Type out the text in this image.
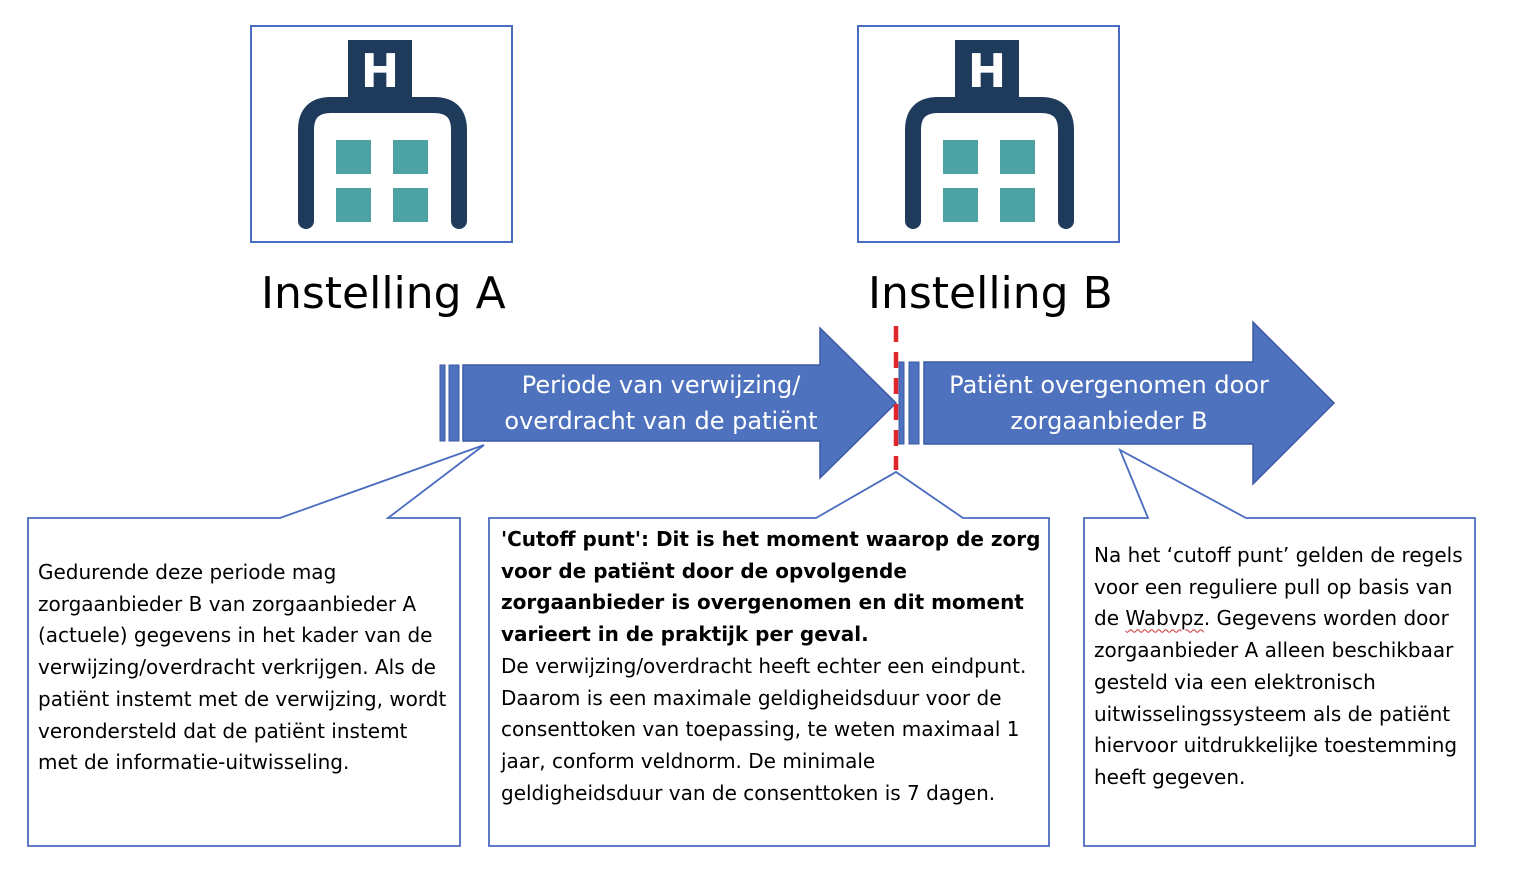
H	H
Instelling A	Instelling B
Periode van verwijzing/
overdracht van de patiënt
Patiënt overgenomen door
zorgaanbieder B
Gedurende deze periode mag zorgaanbieder B van zorgaanbieder A (actuele) gegevens in het kader van de verwijzing/overdracht verkrijgen. Als de patiënt instemt met de verwijzing, wordt verondersteld dat de patiënt instemt met de informatie-uitwisseling.
'Cutoff punt': Dit is het moment waarop de zorg voor de patiënt door de opvolgende zorgaanbieder is overgenomen en dit moment varieert in de praktijk per geval.
De verwijzing/overdracht heeft echter een eindpunt. Daarom is een maximale geldigheidsduur voor de consenttoken van toepassing, te weten maximaal 1 jaar, conform veldnorm. De minimale geldigheidsduur van de consenttoken is 7 dagen.
Na het ‘cutoff punt’ gelden de regels voor een reguliere pull op basis van de Wabvpz. Gegevens worden door zorgaanbieder A alleen beschikbaar gesteld via een elektronisch uitwisselingssysteem als de patiënt hiervoor uitdrukkelijke toestemming heeft gegeven.
